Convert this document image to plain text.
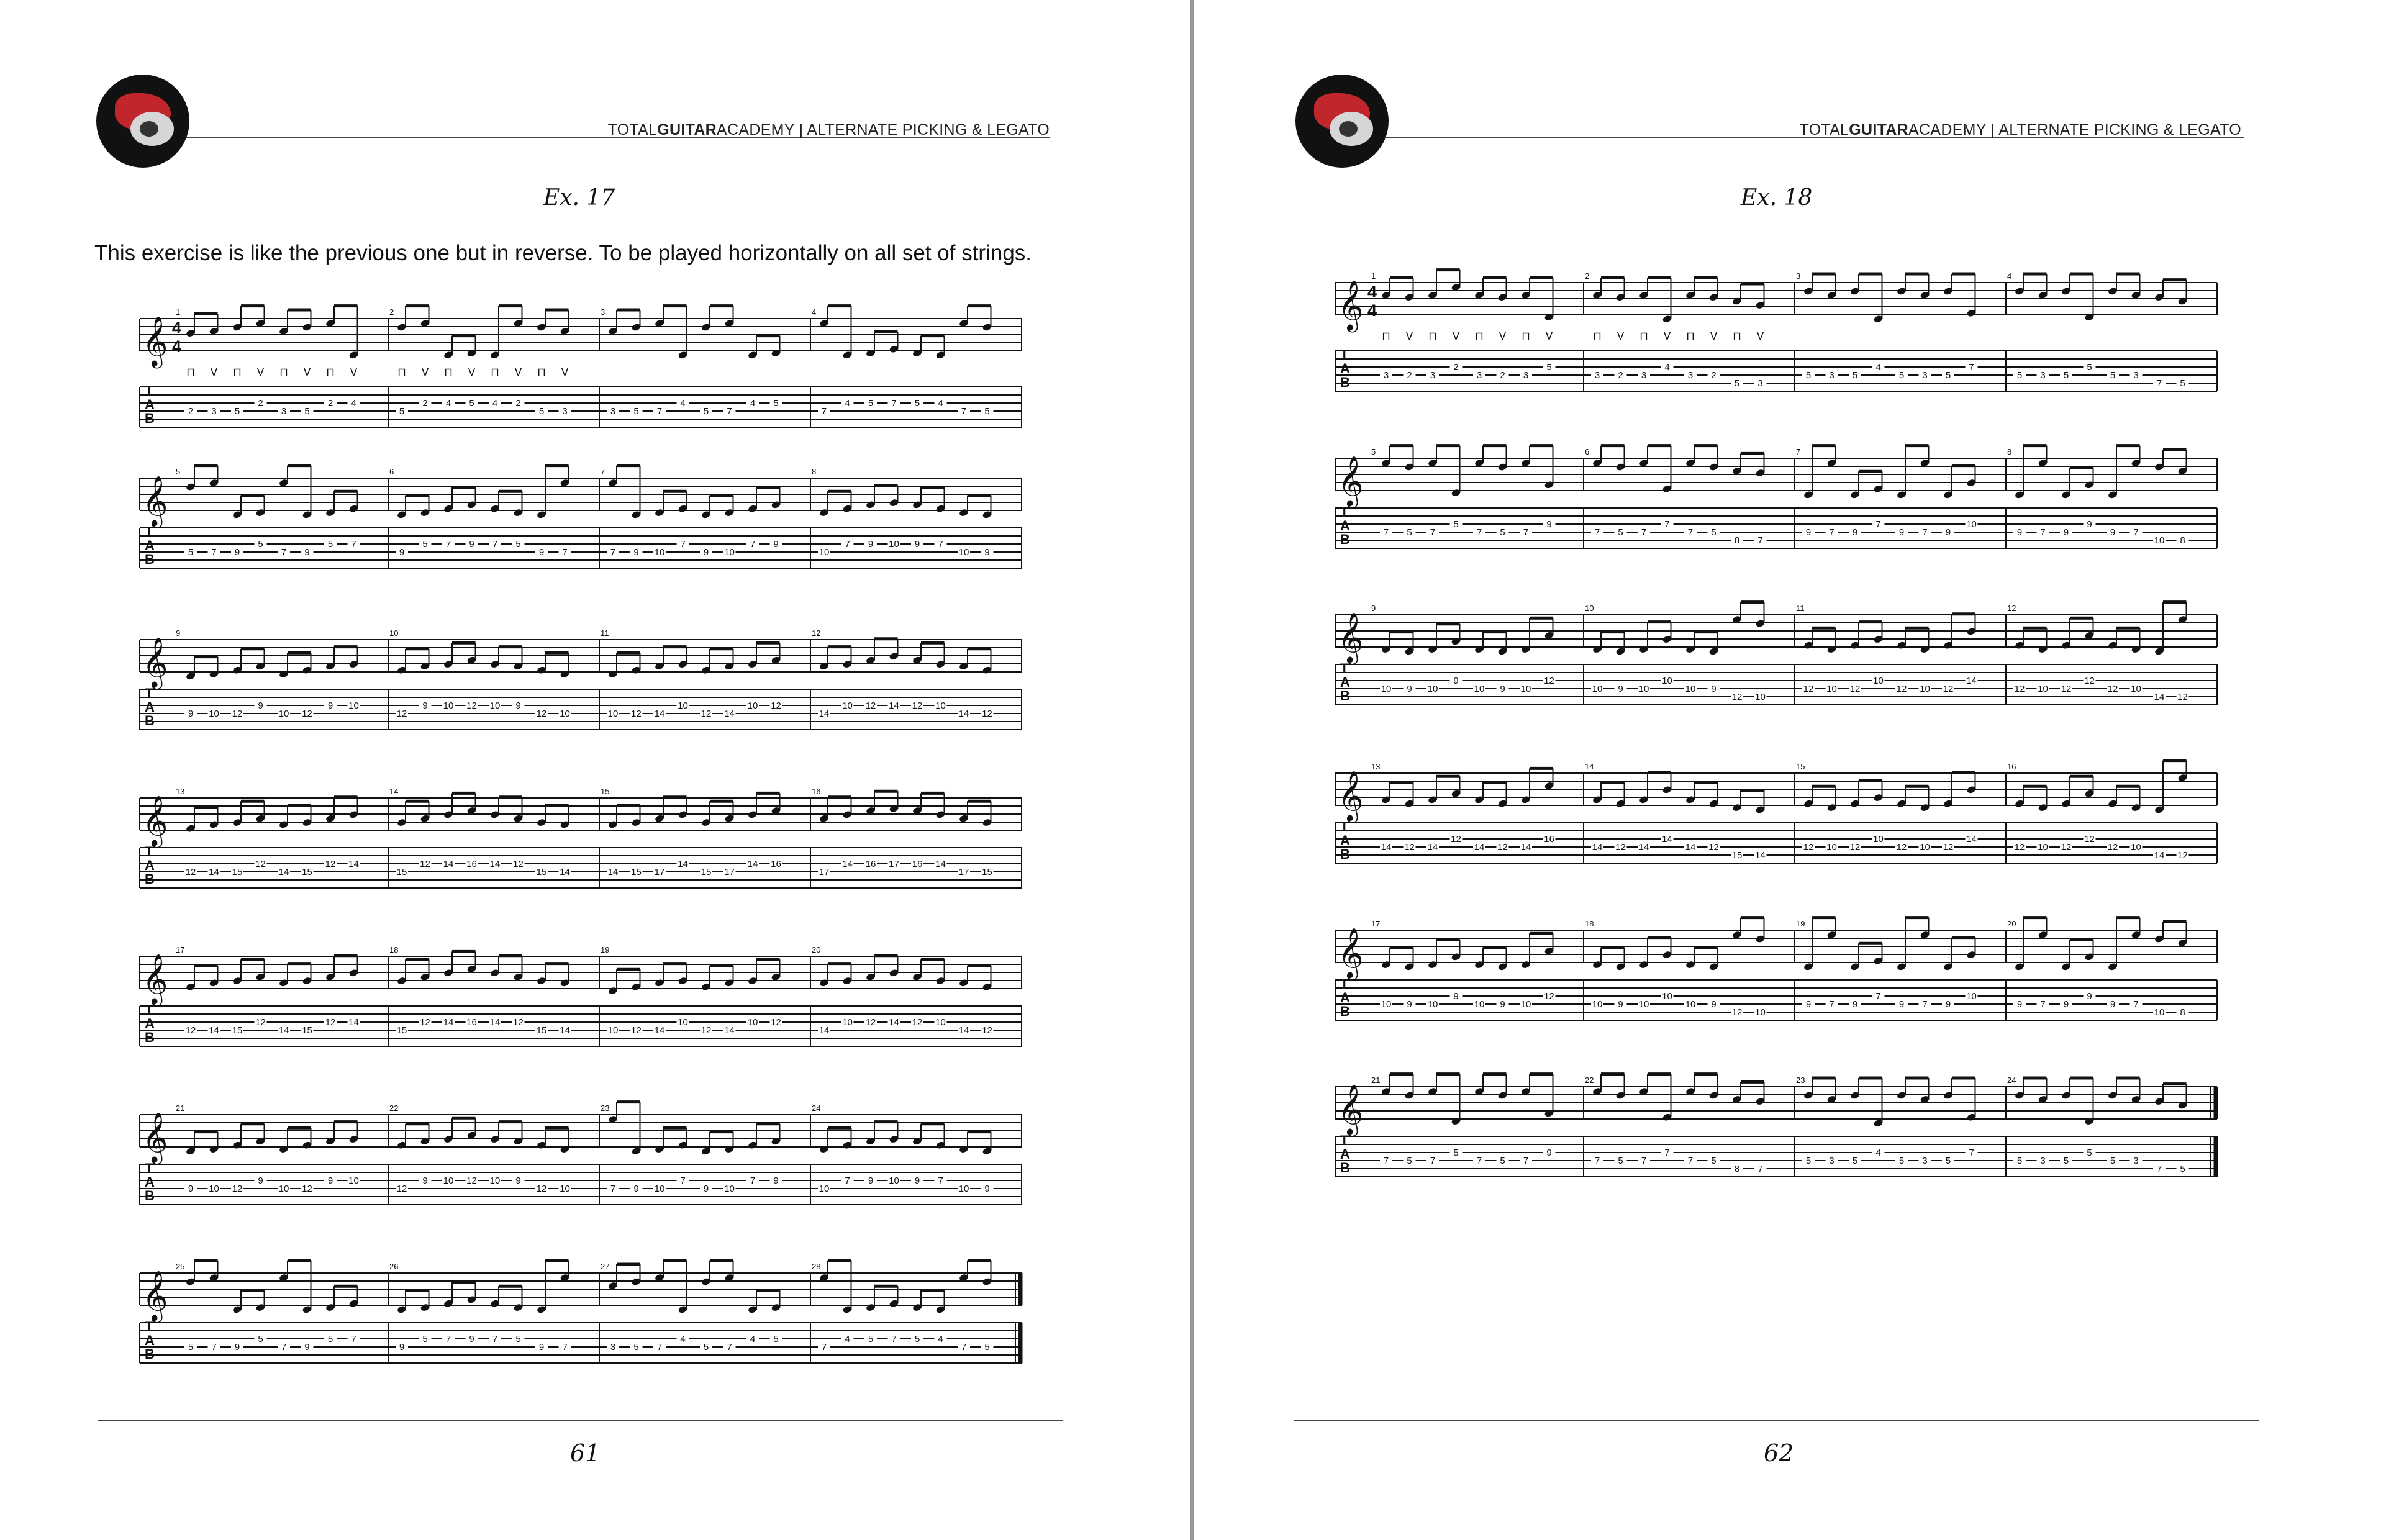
TOTALGUITARACADEMY | ALTERNATE PICKING & LEGATO
Ex. 17
This exercise is like the previous one but in reverse. To be played horizontally on all set of strings.
𝄞
T
A
B
4
4
1
2 3 5
2
3 5
2 4
⊓ V ⊓ V ⊓ V ⊓ V
2
5
2 4 5 4 2
5 3
⊓ V ⊓ V ⊓ V ⊓ V
3
3 5 7
4
5 7
4 5
4
7
4 5 7 5 4
7 5
𝄞
T
A
B
5
5 7 9
5
7 9
5 7
6
9
5 7 9 7 5
9 7
7
7 9 10
7
9 10
7 9
8
10
7 9 10 9 7
10 9
𝄞
T
A
B
9
9 10 12
9
10 12
9 10
10
12
9 10 12 10 9
12 10
11
10 12 14
10
12 14
10 12
12
14
10 12 14 12 10
14 12
𝄞
T
A
B
13
12 14 15
12
14 15
12 14
14
15
12 14 16 14 12
15 14
15
14 15 17
14
15 17
14 16
16
17
14 16 17 16 14
17 15
𝄞
T
A
B
17
12 14 15
12
14 15
12 14
18
15
12 14 16 14 12
15 14
19
10 12 14
10
12 14
10 12
20
14
10 12 14 12 10
14 12
𝄞
T
A
B
21
9 10 12
9
10 12
9 10
22
12
9 10 12 10 9
12 10
23
7 9 10
7
9 10
7 9
24
10
7 9 10 9 7
10 9
𝄞
T
A
B
25
5 7 9
5
7 9
5 7
26
9
5 7 9 7 5
9 7
27
3 5 7
4
5 7
4 5
28
7
4 5 7 5 4
7 5
61
TOTALGUITARACADEMY | ALTERNATE PICKING & LEGATO
Ex. 18
𝄞
T
A
B
4
4
1
3 2 3
2
3 2 3
5
⊓ V ⊓ V ⊓ V ⊓ V
2
3 2 3
4
3 2
5 3
⊓ V ⊓ V ⊓ V ⊓ V
3
5 3 5
4
5 3 5
7
4
5 3 5
5
5 3
7 5
𝄞
T
A
B
5
7 5 7
5
7 5 7
9
6
7 5 7
7
7 5
8 7
7
9 7 9
7
9 7 9
10
8
9 7 9
9
9 7
10 8
𝄞
T
A
B
9
10 9 10
9
10 9 10
12
10
10 9 10
10
10 9
12 10
11
12 10 12
10
12 10 12
14
12
12 10 12
12
12 10
14 12
𝄞
T
A
B
13
14 12 14
12
14 12 14
16
14
14 12 14
14
14 12
15 14
15
12 10 12
10
12 10 12
14
16
12 10 12
12
12 10
14 12
𝄞
T
A
B
17
10 9 10
9
10 9 10
12
18
10 9 10
10
10 9
12 10
19
9 7 9
7
9 7 9
10
20
9 7 9
9
9 7
10 8
𝄞
T
A
B
21
7 5 7
5
7 5 7
9
22
7 5 7
7
7 5
8 7
23
5 3 5
4
5 3 5
7
24
5 3 5
5
5 3
7 5
62
